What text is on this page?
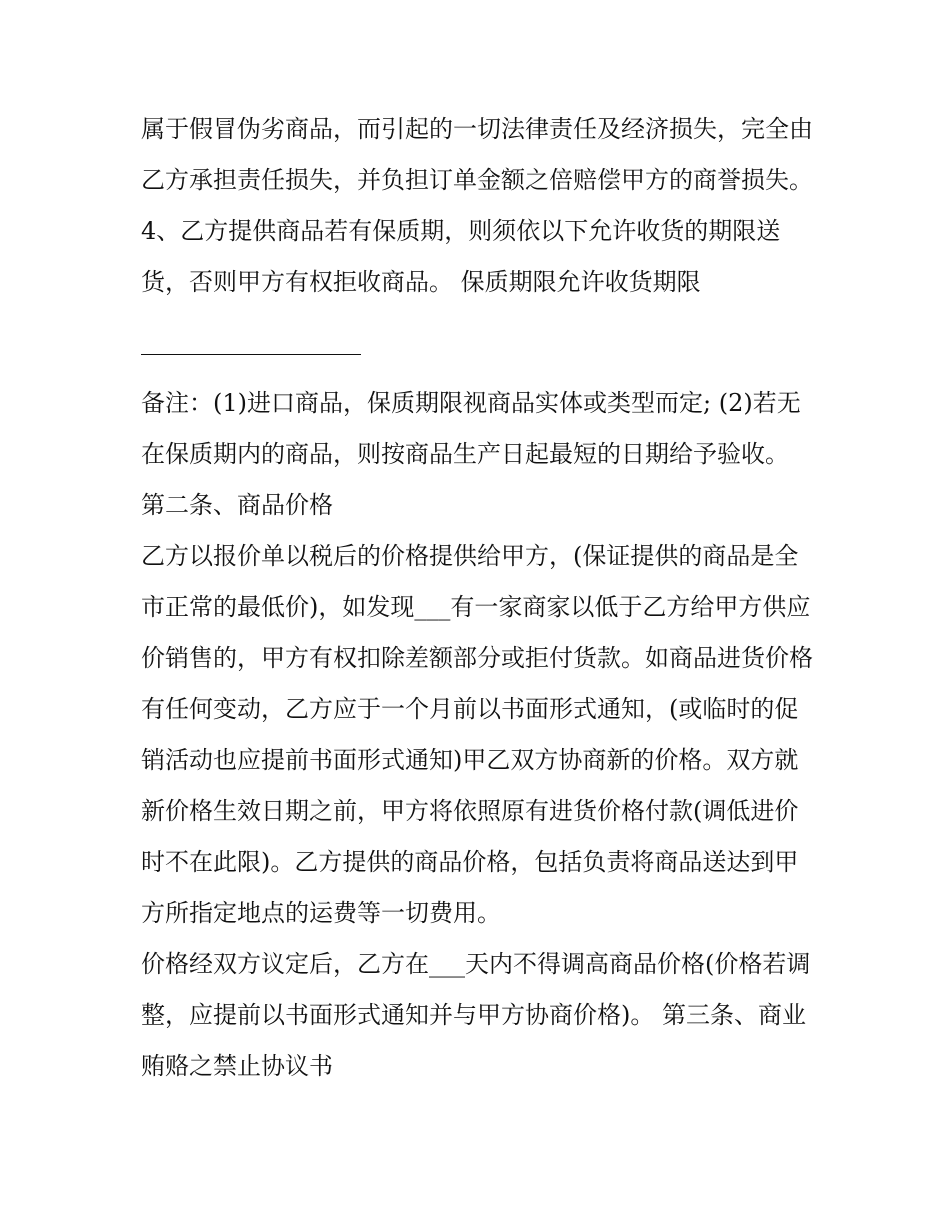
属于假冒伪劣商品，而引起的一切法律责任及经济损失，完全由乙方承担责任损失，并负担订单金额之倍赔偿甲方的商誉损失。

4、乙方提供商品若有保质期，则须依以下允许收货的期限送货，否则甲方有权拒收商品。 保质期限允许收货期限

备注：(1)进口商品，保质期限视商品实体或类型而定; (2)若无在保质期内的商品，则按商品生产日起最短的日期给予验收。

第二条、商品价格

乙方以报价单以税后的价格提供给甲方，(保证提供的商品是全市正常的最低价)，如发现___有一家商家以低于乙方给甲方供应价销售的，甲方有权扣除差额部分或拒付货款。如商品进货价格有任何变动，乙方应于一个月前以书面形式通知，(或临时的促销活动也应提前书面形式通知)甲乙双方协商新的价格。双方就新价格生效日期之前，甲方将依照原有进货价格付款(调低进价时不在此限)。乙方提供的商品价格，包括负责将商品送达到甲方所指定地点的运费等一切费用。

价格经双方议定后，乙方在___天内不得调高商品价格(价格若调整，应提前以书面形式通知并与甲方协商价格)。 第三条、商业贿赂之禁止协议书
